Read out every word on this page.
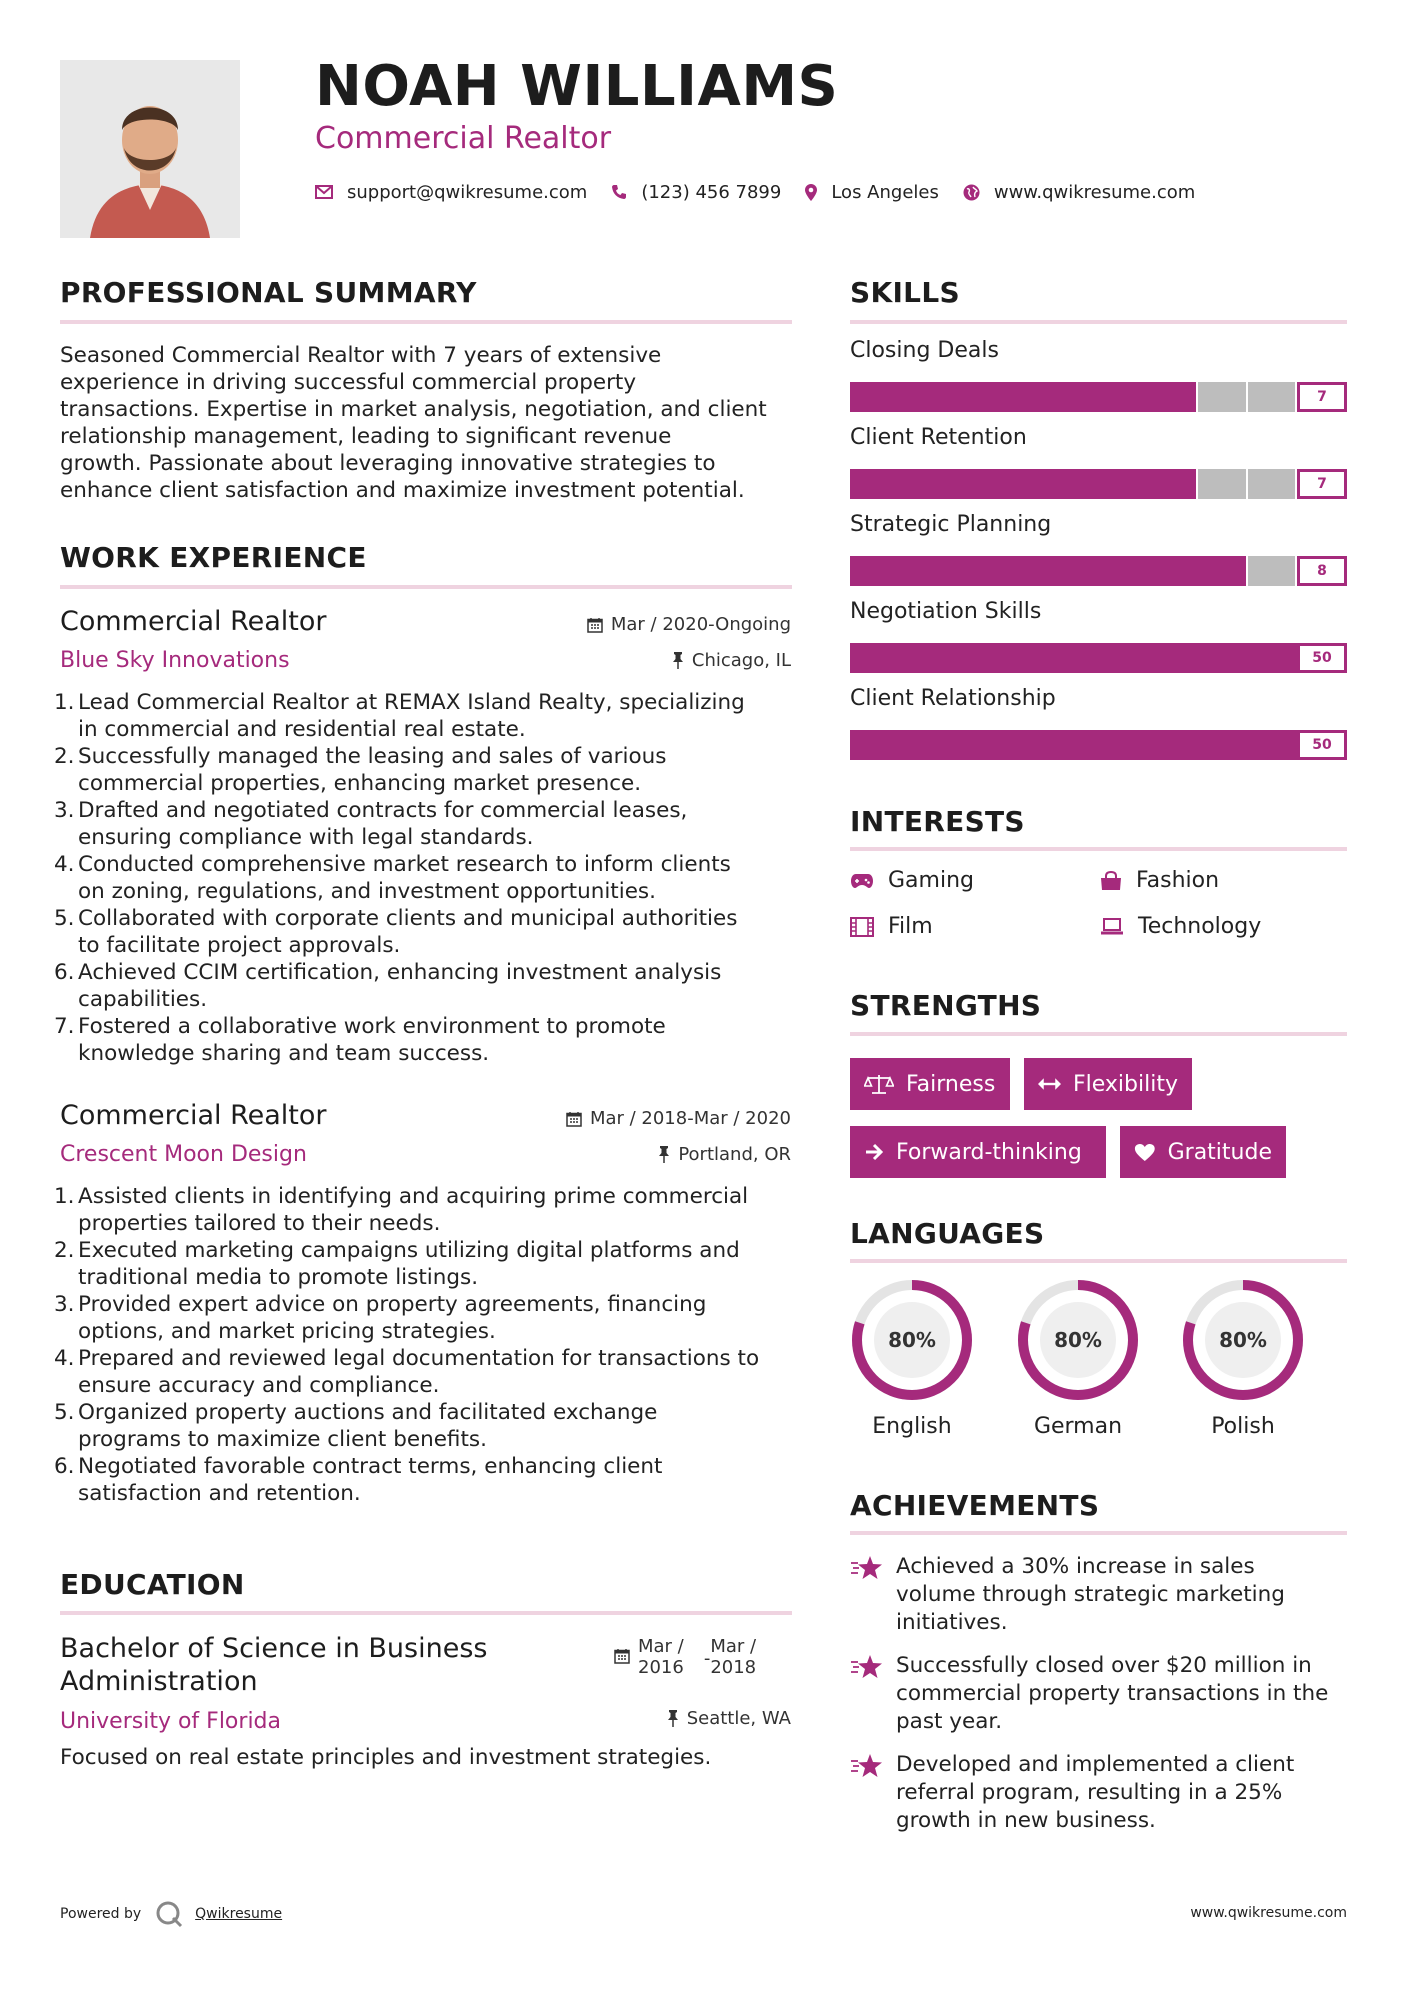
NOAH WILLIAMS
Commercial Realtor
support@qwikresume.com	(123) 456 7899	Los Angeles	www.qwikresume.com
PROFESSIONAL SUMMARY
Seasoned Commercial Realtor with 7 years of extensive
experience in driving successful commercial property
transactions. Expertise in market analysis, negotiation, and client
relationship management, leading to significant revenue
growth. Passionate about leveraging innovative strategies to
enhance client satisfaction and maximize investment potential.
WORK EXPERIENCE
Commercial Realtor	Mar / 2020-Ongoing
Blue Sky Innovations	Chicago, IL
1. Lead Commercial Realtor at REMAX Island Realty, specializing
in commercial and residential real estate.
2. Successfully managed the leasing and sales of various
commercial properties, enhancing market presence.
3. Drafted and negotiated contracts for commercial leases,
ensuring compliance with legal standards.
4. Conducted comprehensive market research to inform clients
on zoning, regulations, and investment opportunities.
5. Collaborated with corporate clients and municipal authorities
to facilitate project approvals.
6. Achieved CCIM certification, enhancing investment analysis
capabilities.
7. Fostered a collaborative work environment to promote
knowledge sharing and team success.
Commercial Realtor	Mar / 2018-Mar / 2020
Crescent Moon Design	Portland, OR
1. Assisted clients in identifying and acquiring prime commercial
properties tailored to their needs.
2. Executed marketing campaigns utilizing digital platforms and
traditional media to promote listings.
3. Provided expert advice on property agreements, financing
options, and market pricing strategies.
4. Prepared and reviewed legal documentation for transactions to
ensure accuracy and compliance.
5. Organized property auctions and facilitated exchange
programs to maximize client benefits.
6. Negotiated favorable contract terms, enhancing client
satisfaction and retention.
EDUCATION
Bachelor of Science in Business
Administration
Mar /
2016 -
Mar /
2018
University of Florida	Seattle, WA
Focused on real estate principles and investment strategies.
SKILLS
Closing Deals
7
Client Retention
7
Strategic Planning
8
Negotiation Skills
50
Client Relationship
50
INTERESTS
Gaming	Fashion
Film	Technology
STRENGTHS
Fairness	Flexibility
Forward-thinking	Gratitude
LANGUAGES
80%
English
80%
German
80%
Polish
ACHIEVEMENTS
Achieved a 30% increase in sales
volume through strategic marketing
initiatives.
Successfully closed over $20 million in
commercial property transactions in the
past year.
Developed and implemented a client
referral program, resulting in a 25%
growth in new business.
Powered by	Qwikresume	www.qwikresume.com
